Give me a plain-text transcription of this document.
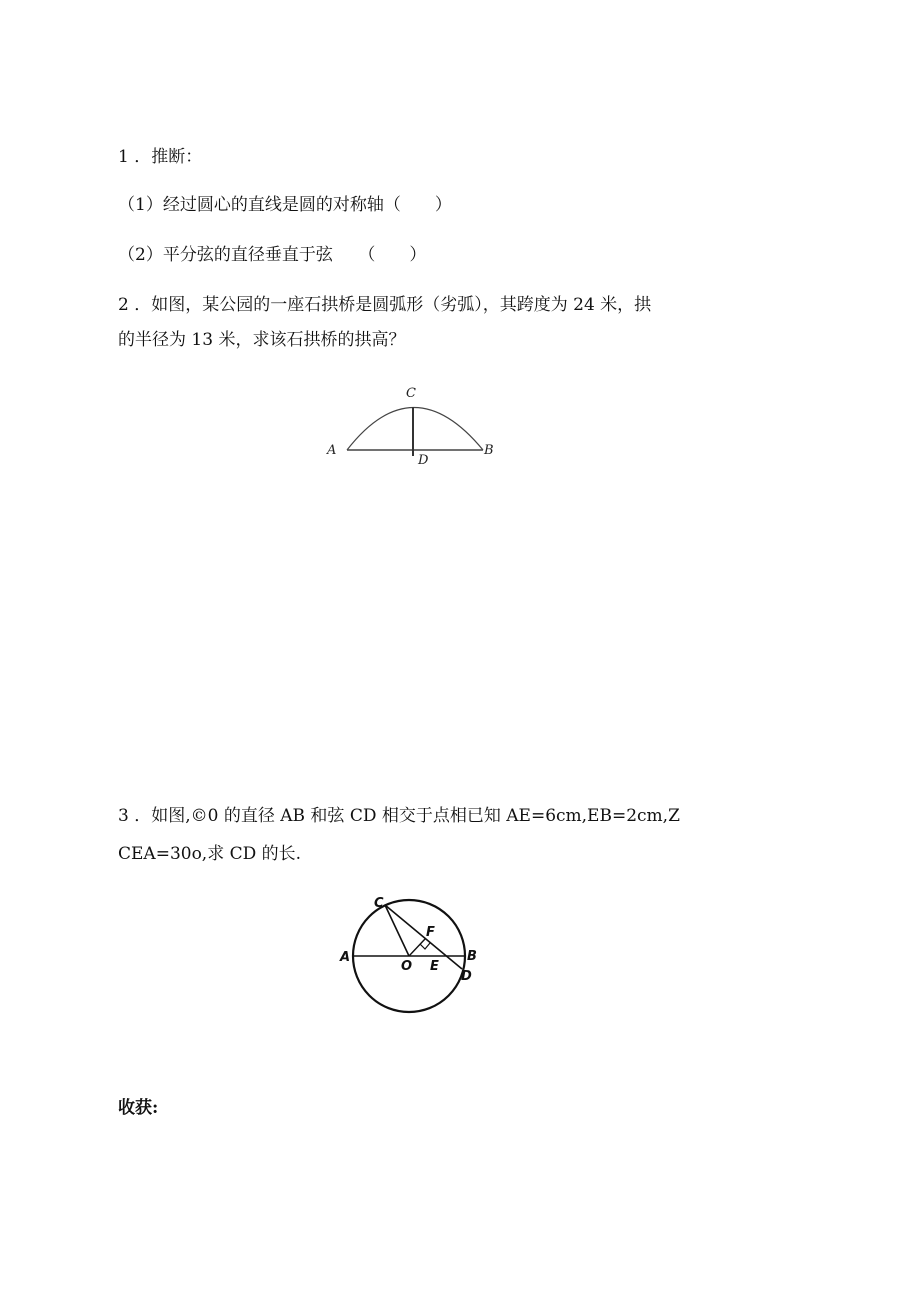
1 ．推断：
（1）经过圆心的直线是圆的对称轴（　　）
（2）平分弦的直径垂直于弦　　（　　）
2 ．如图，某公园的一座石拱桥是圆弧形（劣弧），其跨度为 24 米，拱
的半径为 13 米，求该石拱桥的拱高？
A	B
C
D
3 ．如图,©0 的直径 AB 和弦 CD 相交于点相已知 AE=6cm,EB=2cm,Z
CEA=30o,求 CD 的长.
A	B
C
D
E
F
O
收获:
